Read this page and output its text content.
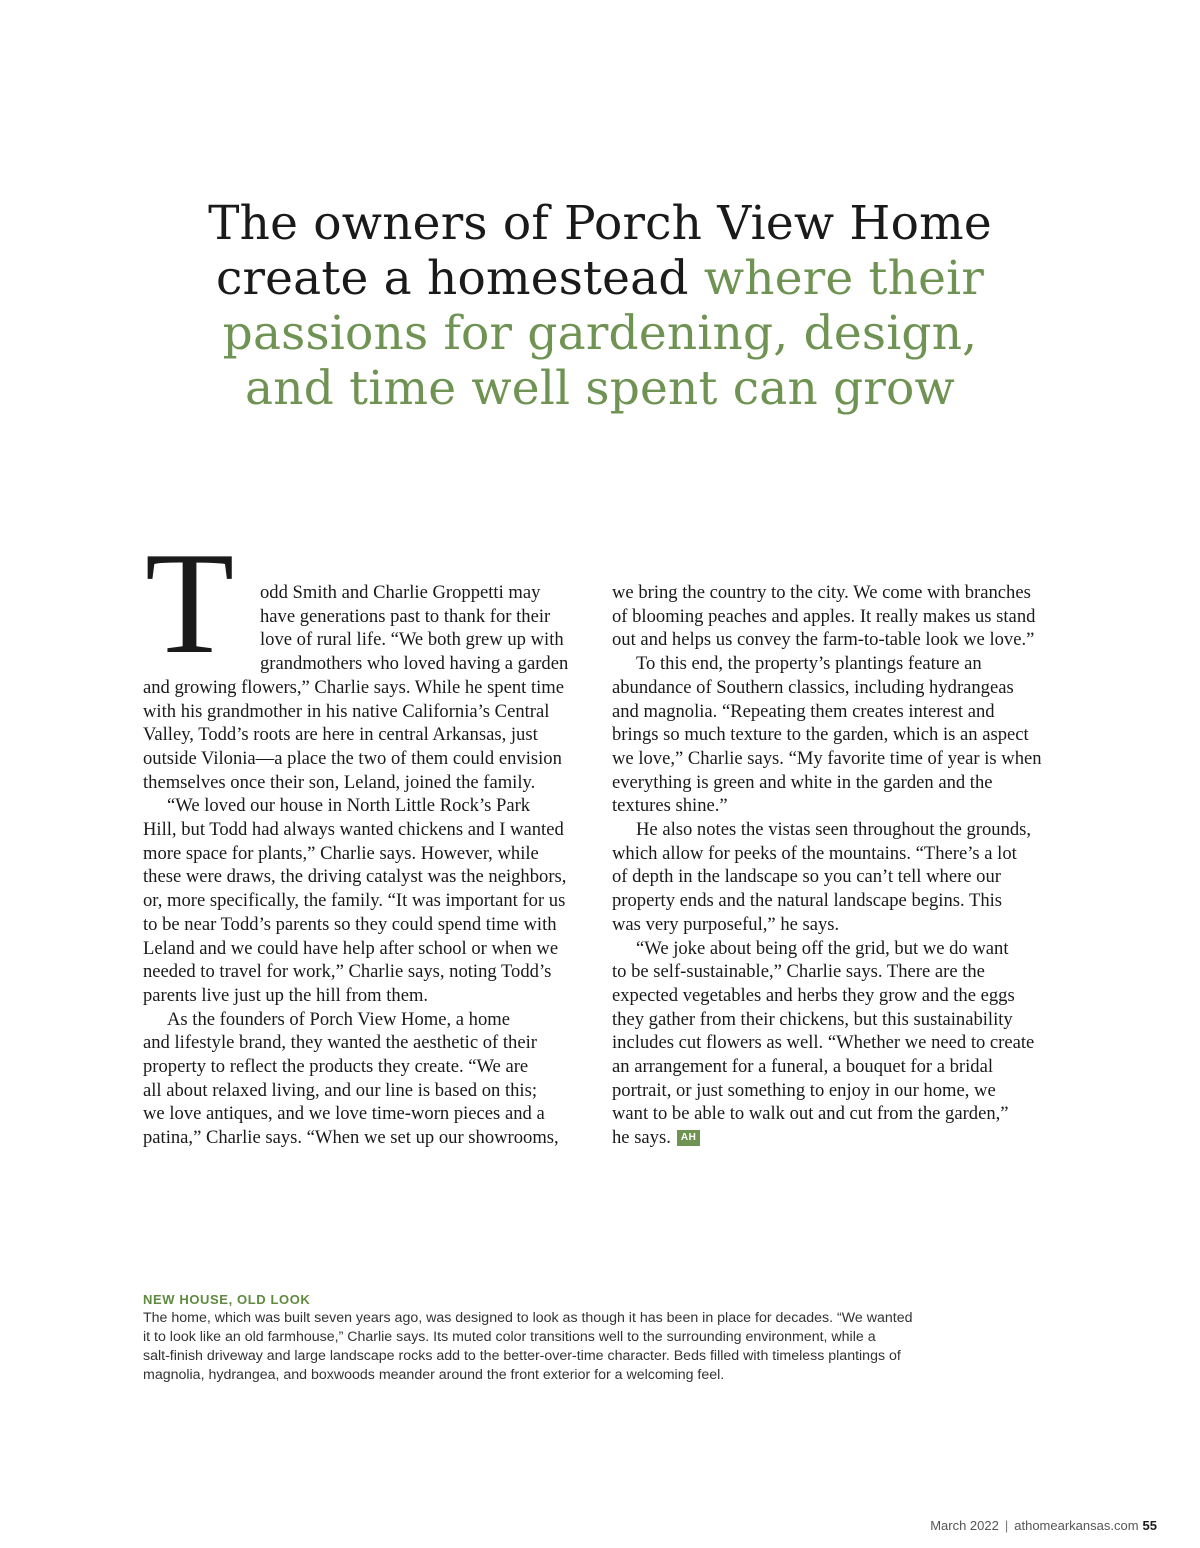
The owners of Porch View Home
create a homestead where their
passions for gardening, design,
and time well spent can grow
T	odd Smith and Charlie Groppetti may
have generations past to thank for their
love of rural life. “We both grew up with
grandmothers who loved having a garden
and growing flowers,” Charlie says. While he spent time
with his grandmother in his native California’s Central
Valley, Todd’s roots are here in central Arkansas, just
outside Vilonia—a place the two of them could envision
themselves once their son, Leland, joined the family.
“We loved our house in North Little Rock’s Park
Hill, but Todd had always wanted chickens and I wanted
more space for plants,” Charlie says. However, while
these were draws, the driving catalyst was the neighbors,
or, more specifically, the family. “It was important for us
to be near Todd’s parents so they could spend time with
Leland and we could have help after school or when we
needed to travel for work,” Charlie says, noting Todd’s
parents live just up the hill from them.
As the founders of Porch View Home, a home
and lifestyle brand, they wanted the aesthetic of their
property to reflect the products they create. “We are
all about relaxed living, and our line is based on this;
we love antiques, and we love time-worn pieces and a
patina,” Charlie says. “When we set up our showrooms,
we bring the country to the city. We come with branches
of blooming peaches and apples. It really makes us stand
out and helps us convey the farm-to-table look we love.”
To this end, the property’s plantings feature an
abundance of Southern classics, including hydrangeas
and magnolia. “Repeating them creates interest and
brings so much texture to the garden, which is an aspect
we love,” Charlie says. “My favorite time of year is when
everything is green and white in the garden and the
textures shine.”
He also notes the vistas seen throughout the grounds,
which allow for peeks of the mountains. “There’s a lot
of depth in the landscape so you can’t tell where our
property ends and the natural landscape begins. This
was very purposeful,” he says.
“We joke about being off the grid, but we do want
to be self-sustainable,” Charlie says. There are the
expected vegetables and herbs they grow and the eggs
they gather from their chickens, but this sustainability
includes cut flowers as well. “Whether we need to create
an arrangement for a funeral, a bouquet for a bridal
portrait, or just something to enjoy in our home, we
want to be able to walk out and cut from the garden,”
he says. AH
NEW HOUSE, OLD LOOK
The home, which was built seven years ago, was designed to look as though it has been in place for decades. “We wanted
it to look like an old farmhouse,” Charlie says. Its muted color transitions well to the surrounding environment, while a
salt-finish driveway and large landscape rocks add to the better-over-time character. Beds filled with timeless plantings of
magnolia, hydrangea, and boxwoods meander around the front exterior for a welcoming feel.
March 2022 | athomearkansas.com 55
